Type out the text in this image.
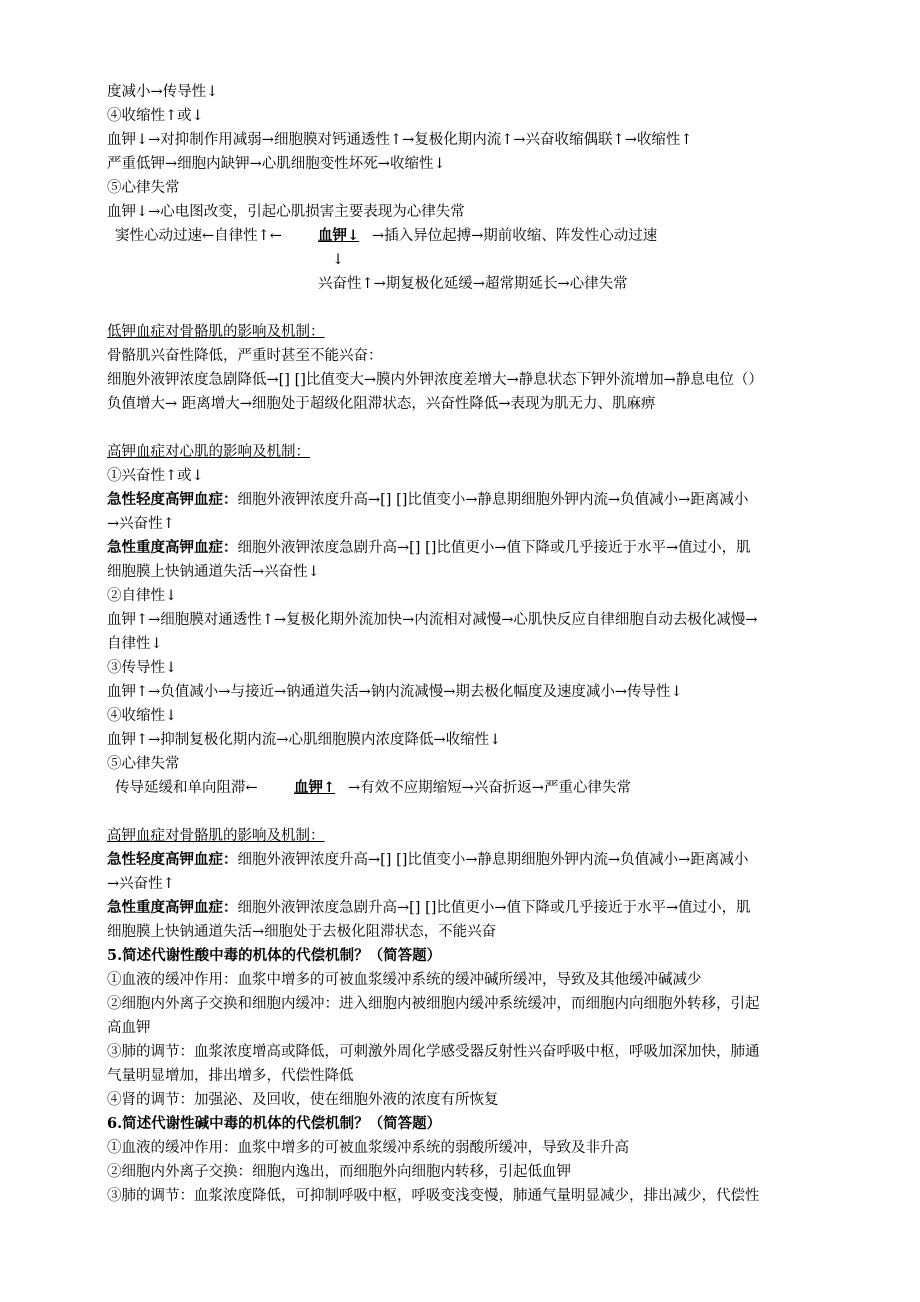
度减小→传导性↓
④收缩性↑或↓
血钾↓→对抑制作用减弱→细胞膜对钙通透性↑→复极化期内流↑→兴奋收缩偶联↑→收缩性↑
严重低钾→细胞内缺钾→心肌细胞变性坏死→收缩性↓
⑤心律失常
血钾↓→心电图改变，引起心肌损害主要表现为心律失常
窦性心动过速←自律性↑← 血钾↓ →插入异位起搏→期前收缩、阵发性心动过速
↓
兴奋性↑→期复极化延缓→超常期延长→心律失常
低钾血症对骨骼肌的影响及机制：
骨骼肌兴奋性降低，严重时甚至不能兴奋：
细胞外液钾浓度急剧降低→[] []比值变大→膜内外钾浓度差增大→静息状态下钾外流增加→静息电位（）
负值增大→ 距离增大→细胞处于超级化阻滞状态，兴奋性降低→表现为肌无力、肌麻痹
高钾血症对心肌的影响及机制：
①兴奋性↑或↓
急性轻度高钾血症：细胞外液钾浓度升高→[] []比值变小→静息期细胞外钾内流→负值减小→距离减小
→兴奋性↑
急性重度高钾血症：细胞外液钾浓度急剧升高→[] []比值更小→值下降或几乎接近于水平→值过小，肌
细胞膜上快钠通道失活→兴奋性↓
②自律性↓
血钾↑→细胞膜对通透性↑→复极化期外流加快→内流相对减慢→心肌快反应自律细胞自动去极化减慢→
自律性↓
③传导性↓
血钾↑→负值减小→与接近→钠通道失活→钠内流减慢→期去极化幅度及速度减小→传导性↓
④收缩性↓
血钾↑→抑制复极化期内流→心肌细胞膜内浓度降低→收缩性↓
⑤心律失常
传导延缓和单向阻滞←	血钾↑ →有效不应期缩短→兴奋折返→严重心律失常
高钾血症对骨骼肌的影响及机制：
急性轻度高钾血症：细胞外液钾浓度升高→[] []比值变小→静息期细胞外钾内流→负值减小→距离减小
→兴奋性↑
急性重度高钾血症：细胞外液钾浓度急剧升高→[] []比值更小→值下降或几乎接近于水平→值过小，肌
细胞膜上快钠通道失活→细胞处于去极化阻滞状态，不能兴奋
5.简述代谢性酸中毒的机体的代偿机制？（简答题）
①血液的缓冲作用：血浆中增多的可被血浆缓冲系统的缓冲碱所缓冲，导致及其他缓冲碱减少
②细胞内外离子交换和细胞内缓冲：进入细胞内被细胞内缓冲系统缓冲，而细胞内向细胞外转移，引起
高血钾
③肺的调节：血浆浓度增高或降低，可刺激外周化学感受器反射性兴奋呼吸中枢，呼吸加深加快，肺通
气量明显增加，排出增多，代偿性降低
④肾的调节：加强泌、及回收，使在细胞外液的浓度有所恢复
6.简述代谢性碱中毒的机体的代偿机制？（简答题）
①血液的缓冲作用：血浆中增多的可被血浆缓冲系统的弱酸所缓冲，导致及非升高
②细胞内外离子交换：细胞内逸出，而细胞外向细胞内转移，引起低血钾
③肺的调节：血浆浓度降低，可抑制呼吸中枢，呼吸变浅变慢，肺通气量明显减少，排出减少，代偿性
